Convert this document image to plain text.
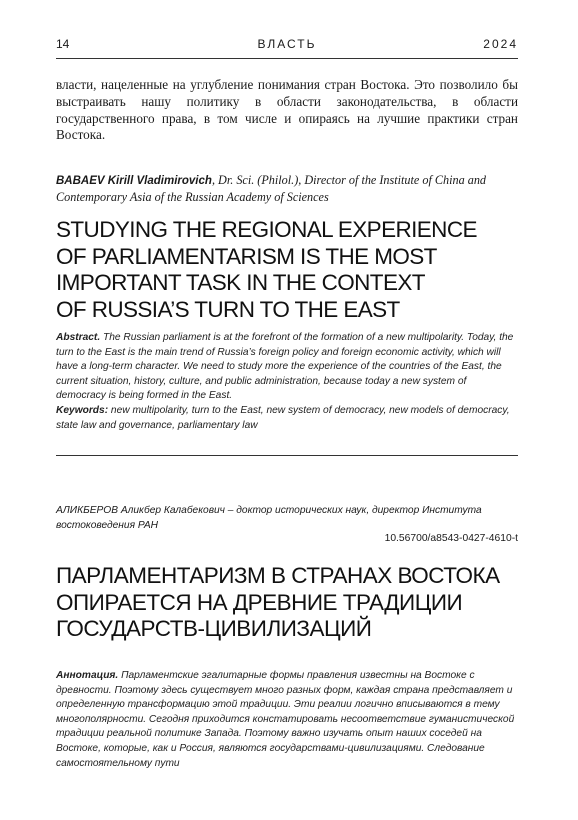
14	ВЛАСТЬ	2024

власти, нацеленные на углубление понимания стран Востока. Это позволило бы выстраивать нашу политику в области законодательства, в области государственного права, в том числе и опираясь на лучшие практики стран Востока.

BABAEV Kirill Vladimirovich, Dr. Sci. (Philol.), Director of the Institute of China and Contemporary Asia of the Russian Academy of Sciences

STUDYING THE REGIONAL EXPERIENCE
OF PARLIAMENTARISM IS THE MOST
IMPORTANT TASK IN THE CONTEXT
OF RUSSIA’S TURN TO THE EAST
Abstract. The Russian parliament is at the forefront of the formation of a new multipolarity. Today, the turn to the East is the main trend of Russia’s foreign policy and foreign economic activity, which will have a long-term character. We need to study more the experience of the countries of the East, the current situation, history, culture, and public administration, because today a new system of democracy is being formed in the East.
Keywords: new multipolarity, turn to the East, new system of democracy, new models of democracy, state law and governance, parliamentary law

АЛИКБЕРОВ Аликбер Калабекович – доктор исторических наук, директор Института востоковедения РАН

10.56700/a8543-0427-4610-t
ПАРЛАМЕНТАРИЗМ В СТРАНАХ ВОСТОКА
ОПИРАЕТСЯ НА ДРЕВНИЕ ТРАДИЦИИ
ГОСУДАРСТВ-ЦИВИЛИЗАЦИЙ
Аннотация. Парламентские эгалитарные формы правления известны на Востоке с древности. Поэтому здесь существует много разных форм, каждая страна представляет и определенную трансформацию этой традиции. Эти реалии логично вписываются в тему многополярности. Сегодня приходится констатировать несоответствие гуманистической традиции реальной политике Запада. Поэтому важно изучать опыт наших соседей на Востоке, которые, как и Россия, являются государствами-цивилизациями. Следование самостоятельному пути
